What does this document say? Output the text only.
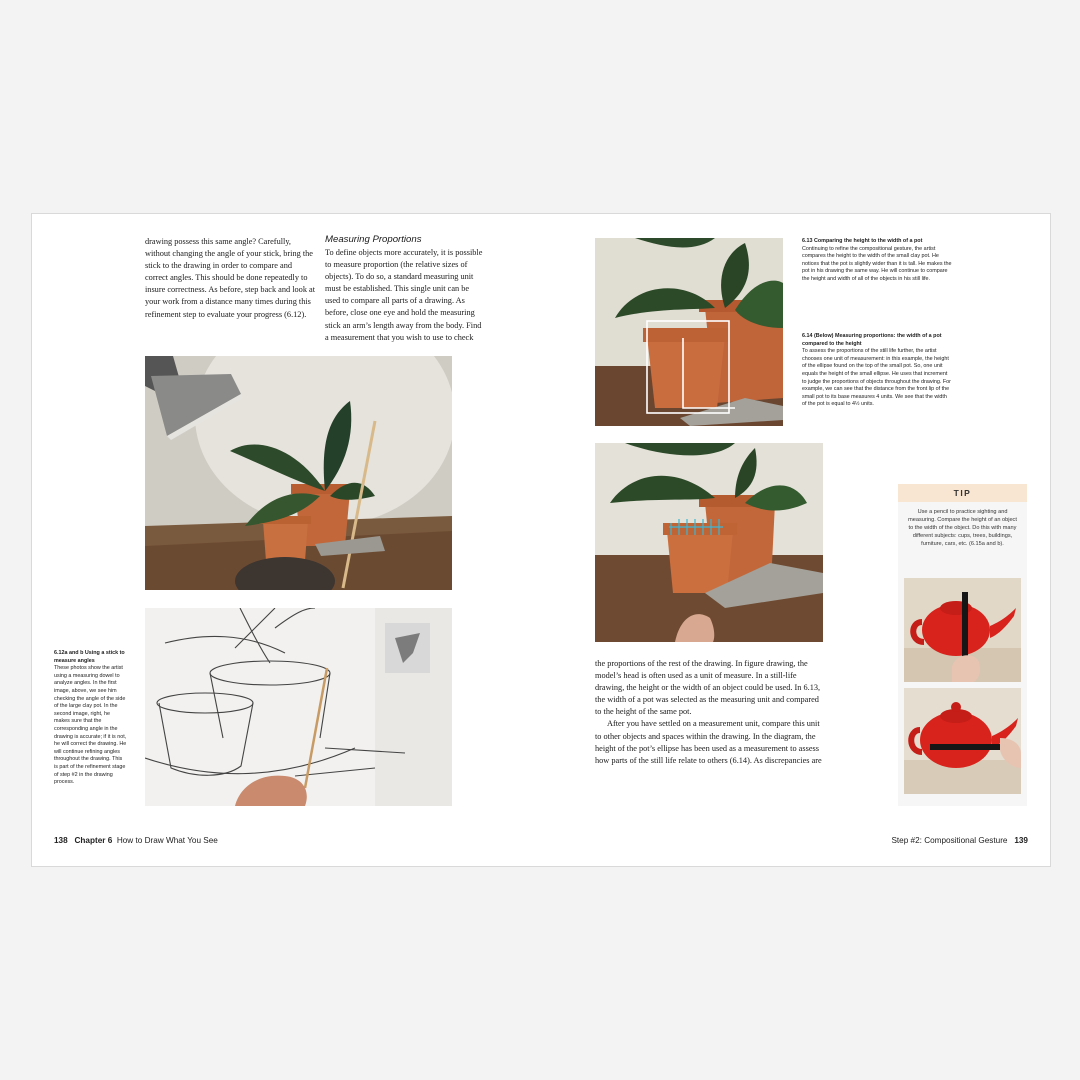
drawing possess this same angle? Carefully, without changing the angle of your stick, bring the stick to the drawing in order to compare and correct angles. This should be done repeatedly to insure correctness. As before, step back and look at your work from a distance many times during this refinement step to evaluate your progress (6.12).

Measuring Proportions

To define objects more accurately, it is possible to measure proportion (the relative sizes of objects). To do so, a standard measuring unit must be established. This single unit can be used to compare all parts of a drawing. As before, close one eye and hold the measuring stick an arm’s length away from the body. Find a measurement that you wish to use to check

6.12a and b Using a stick to measure angles
These photos show the artist using a measuring dowel to analyze angles. In the first image, above, we see him checking the angle of the side of the large clay pot. In the second image, right, he makes sure that the corresponding angle in the drawing is accurate; if it is not, he will correct the drawing. He will continue refining angles throughout the drawing. This is part of the refinement stage of step #2 in the drawing process.

138 Chapter 6 How to Draw What You See

6.13 Comparing the height to the width of a pot
Continuing to refine the compositional gesture, the artist compares the height to the width of the small clay pot. He notices that the pot is slightly wider than it is tall. He makes the pot in his drawing the same way. He will continue to compare the height and width of all of the objects in his still life.

6.14 (Below) Measuring proportions: the width of a pot compared to the height
To assess the proportions of the still life further, the artist chooses one unit of measurement: in this example, the height of the ellipse found on the top of the small pot. So, one unit equals the height of the small ellipse. He uses that increment to judge the proportions of objects throughout the drawing. For example, we can see that the distance from the front lip of the small pot to its base measures 4 units. We see that the width of the pot is equal to 4½ units.

the proportions of the rest of the drawing. In figure drawing, the model’s head is often used as a unit of measure. In a still-life drawing, the height or the width of an object could be used. In 6.13, the width of a pot was selected as the measuring unit and compared to the height of the same pot.

After you have settled on a measurement unit, compare this unit to other objects and spaces within the drawing. In the diagram, the height of the pot’s ellipse has been used as a measurement to assess how parts of the still life relate to others (6.14). As discrepancies are

TIP

Use a pencil to practice sighting and measuring. Compare the height of an object to the width of the object. Do this with many different subjects: cups, trees, buildings, furniture, cars, etc. (6.15a and b).

Step #2: Compositional Gesture 139
